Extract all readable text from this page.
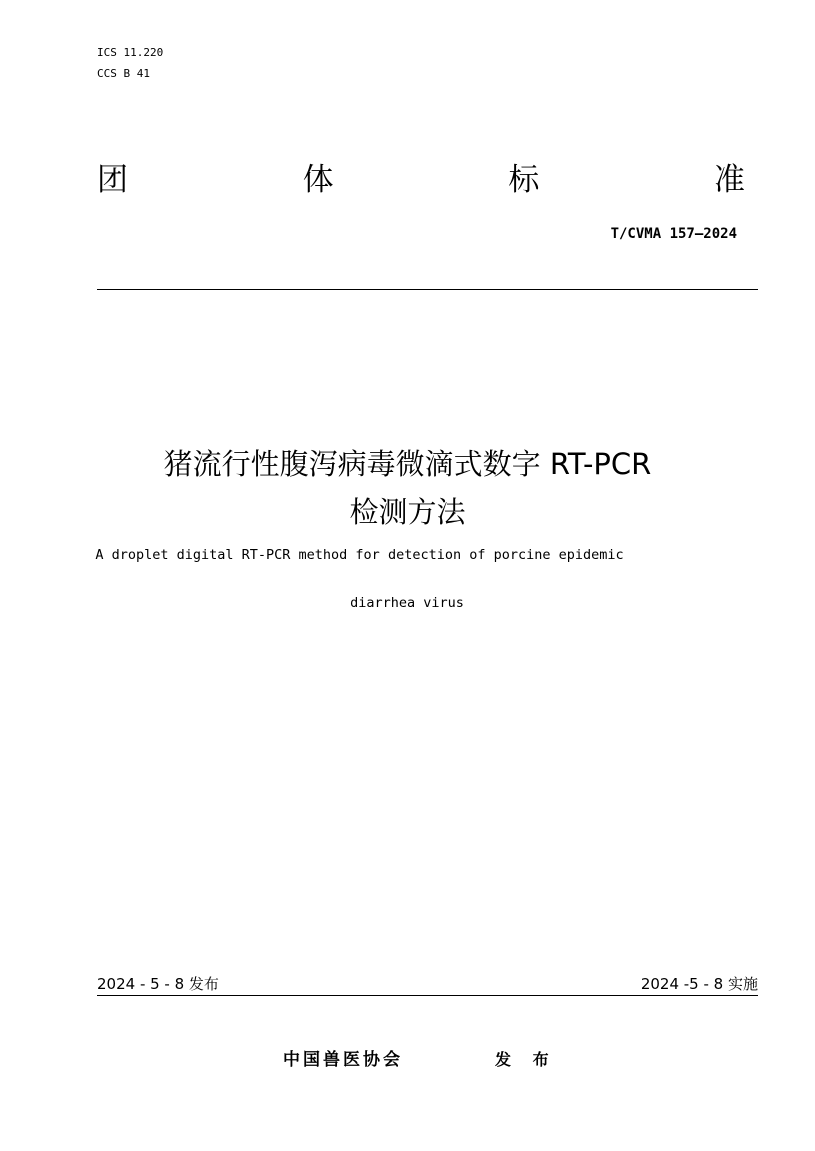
ICS 11.220
CCS B 41
团	体	标	准
T/CVMA 157—2024
猪流行性腹泻病毒微滴式数字 RT-PCR
检测方法
A droplet digital RT-PCR method for detection of porcine epidemic
diarrhea virus
2024 - 5 - 8 发布	2024 -5 - 8 实施
中国兽医协会	发 布
